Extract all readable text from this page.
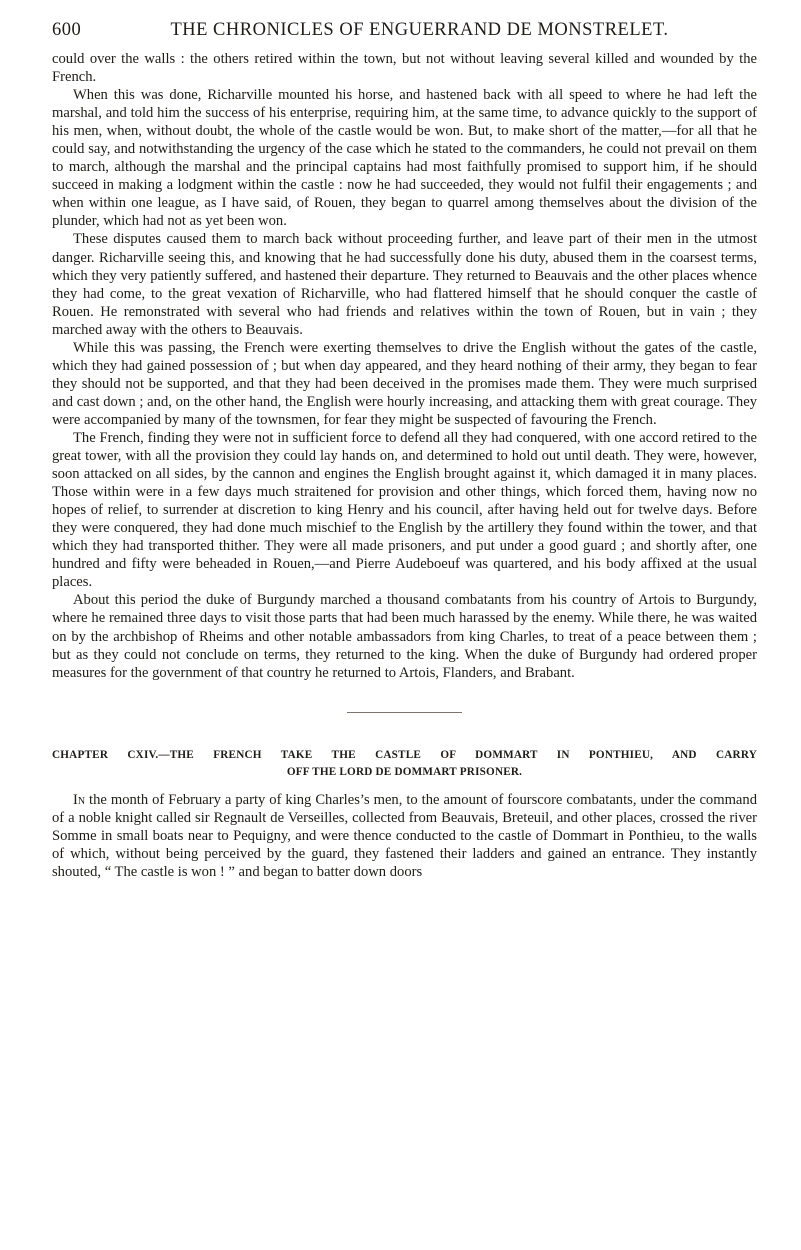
600	THE CHRONICLES OF ENGUERRAND DE MONSTRELET.

could over the walls : the others retired within the town, but not without leaving several killed and wounded by the French.

When this was done, Richarville mounted his horse, and hastened back with all speed to where he had left the marshal, and told him the success of his enterprise, requiring him, at the same time, to advance quickly to the support of his men, when, without doubt, the whole of the castle would be won. But, to make short of the matter,—for all that he could say, and notwithstanding the urgency of the case which he stated to the commanders, he could not prevail on them to march, although the marshal and the principal captains had most faithfully promised to support him, if he should succeed in making a lodgment within the castle : now he had succeeded, they would not fulfil their engagements ; and when within one league, as I have said, of Rouen, they began to quarrel among themselves about the division of the plunder, which had not as yet been won.

These disputes caused them to march back without proceeding further, and leave part of their men in the utmost danger. Richarville seeing this, and knowing that he had successfully done his duty, abused them in the coarsest terms, which they very patiently suffered, and hastened their departure. They returned to Beauvais and the other places whence they had come, to the great vexation of Richarville, who had flattered himself that he should conquer the castle of Rouen. He remonstrated with several who had friends and relatives within the town of Rouen, but in vain ; they marched away with the others to Beauvais.

While this was passing, the French were exerting themselves to drive the English without the gates of the castle, which they had gained possession of ; but when day appeared, and they heard nothing of their army, they began to fear they should not be supported, and that they had been deceived in the promises made them. They were much surprised and cast down ; and, on the other hand, the English were hourly increasing, and attacking them with great courage. They were accompanied by many of the townsmen, for fear they might be suspected of favouring the French.

The French, finding they were not in sufficient force to defend all they had conquered, with one accord retired to the great tower, with all the provision they could lay hands on, and determined to hold out until death. They were, however, soon attacked on all sides, by the cannon and engines the English brought against it, which damaged it in many places. Those within were in a few days much straitened for provision and other things, which forced them, having now no hopes of relief, to surrender at discretion to king Henry and his council, after having held out for twelve days. Before they were conquered, they had done much mischief to the English by the artillery they found within the tower, and that which they had transported thither. They were all made prisoners, and put under a good guard ; and shortly after, one hundred and fifty were beheaded in Rouen,—and Pierre Audeboeuf was quartered, and his body affixed at the usual places.

About this period the duke of Burgundy marched a thousand combatants from his country of Artois to Burgundy, where he remained three days to visit those parts that had been much harassed by the enemy. While there, he was waited on by the archbishop of Rheims and other notable ambassadors from king Charles, to treat of a peace between them ; but as they could not conclude on terms, they returned to the king. When the duke of Burgundy had ordered proper measures for the government of that country he returned to Artois, Flanders, and Brabant.

CHAPTER CXIV.—THE FRENCH TAKE THE CASTLE OF DOMMART IN PONTHIEU, AND CARRY
OFF THE LORD DE DOMMART PRISONER.

In the month of February a party of king Charles’s men, to the amount of fourscore combatants, under the command of a noble knight called sir Regnault de Verseilles, collected from Beauvais, Breteuil, and other places, crossed the river Somme in small boats near to Pequigny, and were thence conducted to the castle of Dommart in Ponthieu, to the walls of which, without being perceived by the guard, they fastened their ladders and gained an entrance. They instantly shouted, “ The castle is won ! ” and began to batter down doors
